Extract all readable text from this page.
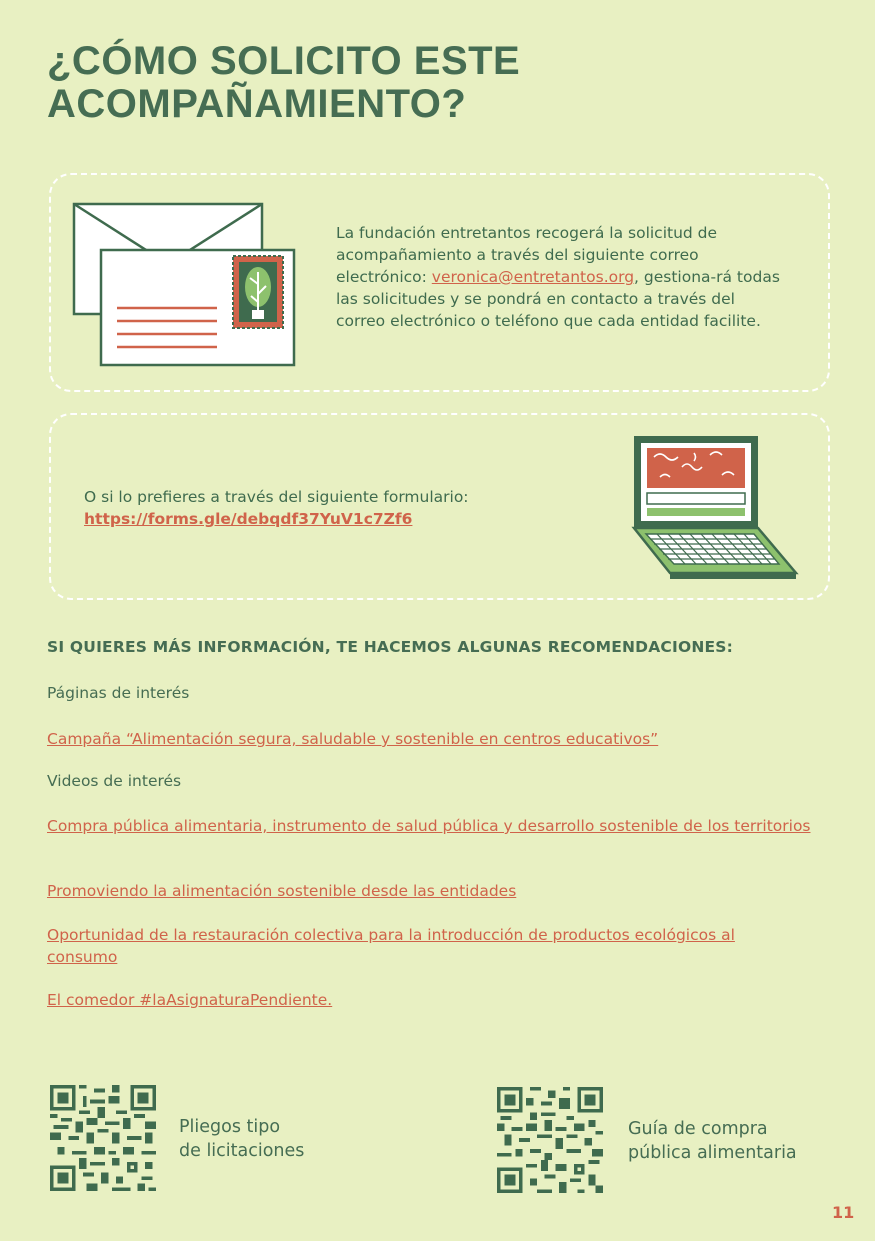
¿CÓMO SOLICITO ESTE
ACOMPAÑAMIENTO?

La fundación entretantos recogerá la solicitud de acompañamiento a través del siguiente correo electrónico: veronica@entretantos.org, gestiona-rá todas las solicitudes y se pondrá en contacto a través del correo electrónico o teléfono que cada entidad facilite.

O si lo prefieres a través del siguiente formulario:
https://forms.gle/debqdf37YuV1c7Zf6

SI QUIERES MÁS INFORMACIÓN, TE HACEMOS ALGUNAS RECOMENDACIONES:
Páginas de interés
Campaña “Alimentación segura, saludable y sostenible en centros educativos”
Videos de interés
Compra pública alimentaria, instrumento de salud pública y desarrollo sostenible de los territorios
Promoviendo la alimentación sostenible desde las entidades
Oportunidad de la restauración colectiva para la introducción de productos ecológicos al consumo
El comedor #laAsignaturaPendiente.
Pliegos tipo
de licitaciones
Guía de compra
pública alimentaria
11
